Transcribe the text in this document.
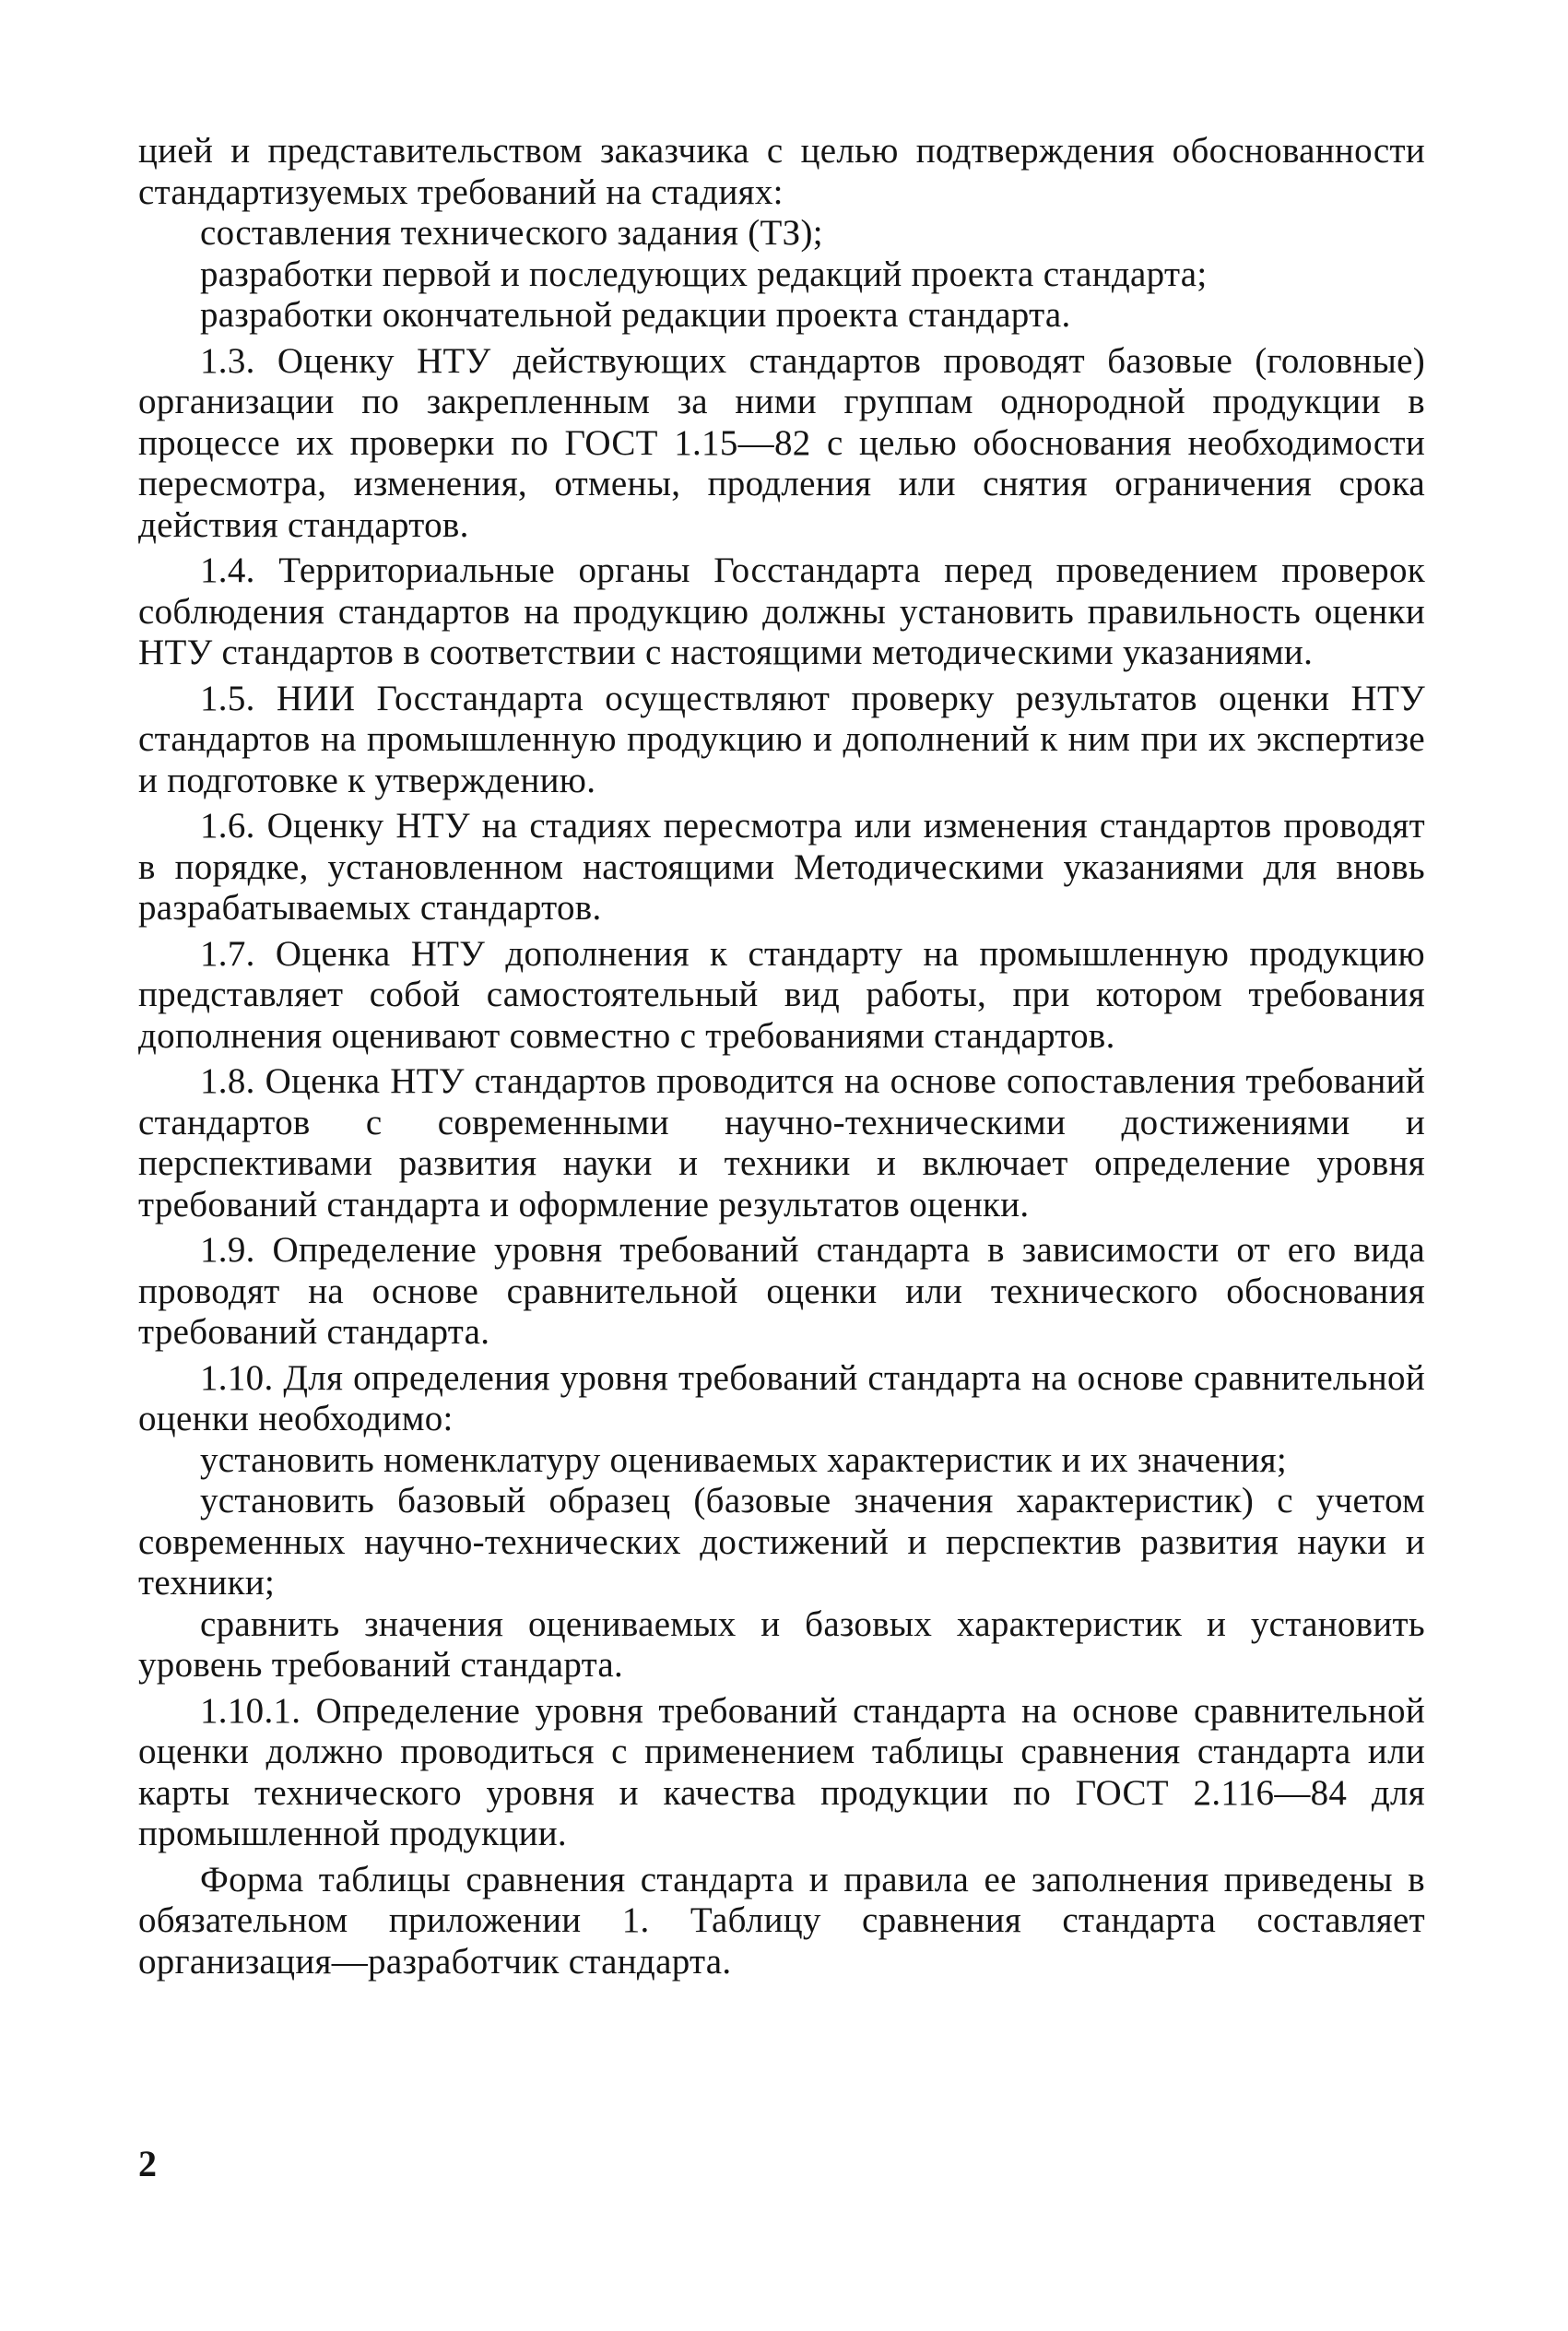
цией и представительством заказчика с целью подтверждения обоснованности стандартизуемых требований на стадиях:

составления технического задания (ТЗ);

разработки первой и последующих редакций проекта стандарта;

разработки окончательной редакции проекта стандарта.

1.3. Оценку НТУ действующих стандартов проводят базовые (головные) организации по закрепленным за ними группам однородной продукции в процессе их проверки по ГОСТ 1.15—82 с целью обоснования необходимости пересмотра, изменения, отмены, продления или снятия ограничения срока действия стандартов.

1.4. Территориальные органы Госстандарта перед проведением проверок соблюдения стандартов на продукцию должны установить правильность оценки НТУ стандартов в соответствии с настоящими методическими указаниями.

1.5. НИИ Госстандарта осуществляют проверку результатов оценки НТУ стандартов на промышленную продукцию и дополнений к ним при их экспертизе и подготовке к утверждению.

1.6. Оценку НТУ на стадиях пересмотра или изменения стандартов проводят в порядке, установленном настоящими Методическими указаниями для вновь разрабатываемых стандартов.

1.7. Оценка НТУ дополнения к стандарту на промышленную продукцию представляет собой самостоятельный вид работы, при котором требования дополнения оценивают совместно с требованиями стандартов.

1.8. Оценка НТУ стандартов проводится на основе сопоставления требований стандартов с современными научно-техническими достижениями и перспективами развития науки и техники и включает определение уровня требований стандарта и оформление результатов оценки.

1.9. Определение уровня требований стандарта в зависимости от его вида проводят на основе сравнительной оценки или технического обоснования требований стандарта.

1.10. Для определения уровня требований стандарта на основе сравнительной оценки необходимо:

установить номенклатуру оцениваемых характеристик и их значения;

установить базовый образец (базовые значения характеристик) с учетом современных научно-технических достижений и перспектив развития науки и техники;

сравнить значения оцениваемых и базовых характеристик и установить уровень требований стандарта.

1.10.1. Определение уровня требований стандарта на основе сравнительной оценки должно проводиться с применением таблицы сравнения стандарта или карты технического уровня и качества продукции по ГОСТ 2.116—84 для промышленной продукции.

Форма таблицы сравнения стандарта и правила ее заполнения приведены в обязательном приложении 1. Таблицу сравнения стандарта составляет организация—разработчик стандарта.

2
